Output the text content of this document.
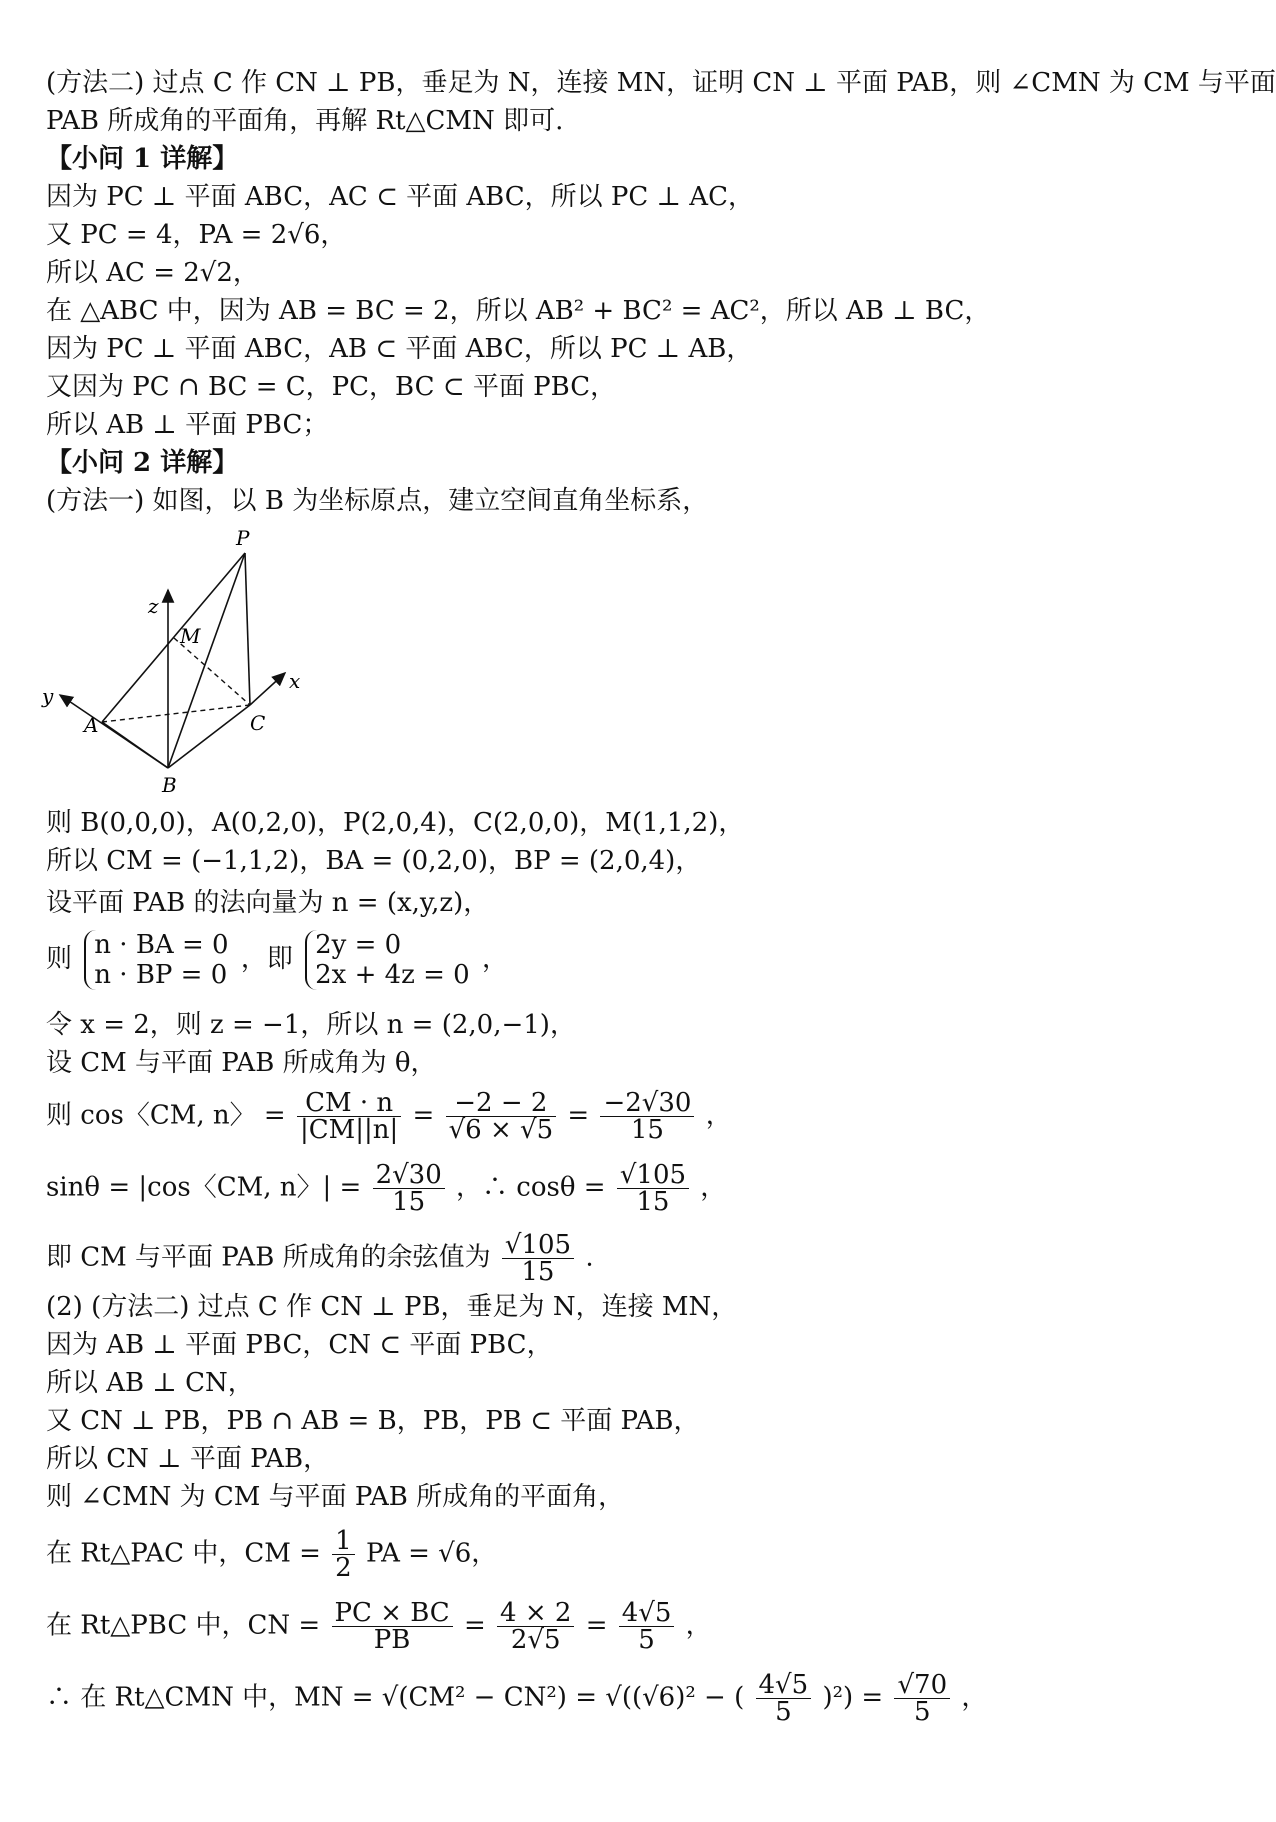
(方法二) 过点 C 作 CN ⊥ PB，垂足为 N，连接 MN，证明 CN ⊥ 平面 PAB，则 ∠CMN 为 CM 与平面
PAB 所成角的平面角，再解 Rt△CMN 即可.
【小问 1 详解】
因为 PC ⊥ 平面 ABC，AC ⊂ 平面 ABC，所以 PC ⊥ AC，
又 PC = 4，PA = 2√6，
所以 AC = 2√2，
在 △ABC 中，因为 AB = BC = 2，所以 AB² + BC² = AC²，所以 AB ⊥ BC，
因为 PC ⊥ 平面 ABC，AB ⊂ 平面 ABC，所以 PC ⊥ AB，
又因为 PC ∩ BC = C，PC，BC ⊂ 平面 PBC，
所以 AB ⊥ 平面 PBC；
【小问 2 详解】
(方法一) 如图，以 B 为坐标原点，建立空间直角坐标系，
P
z
M
x
y
A	C
B
则 B(0,0,0)，A(0,2,0)，P(2,0,4)，C(2,0,0)，M(1,1,2)，
所以 CM = (−1,1,2)，BA = (0,2,0)，BP = (2,0,4)，
设平面 PAB 的法向量为 n = (x,y,z)，
则 n · BA = 0
n · BP = 0
，即 2y = 0
2x + 4z = 0
，
令 x = 2，则 z = −1，所以 n = (2,0,−1)，
设 CM 与平面 PAB 所成角为 θ，
则 cos〈CM, n〉 = $\frac{CM \cdot n}{|CM||n|} = \frac{-2 - 2}{√6 \times √5} = \frac{-2√30}{15}$ ，
sinθ = |cos〈CM, n〉| = $\frac{2√30}{15}$ ，∴ $\cos\theta = \frac{√105}{15}$ ，
即 CM 与平面 PAB 所成角的余弦值为 $\frac{√105}{15}$ .
(2) (方法二) 过点 C 作 CN ⊥ PB，垂足为 N，连接 MN，
因为 AB ⊥ 平面 PBC，CN ⊂ 平面 PBC，
所以 AB ⊥ CN，
又 CN ⊥ PB，PB ∩ AB = B，PB，PB ⊂ 平面 PAB，
所以 CN ⊥ 平面 PAB，
则 ∠CMN 为 CM 与平面 PAB 所成角的平面角，
在 Rt△PAC 中，CM = $\frac{1}{2}$ PA = √6，
在 Rt△PBC 中，CN = $\frac{PC \times BC}{PB} = \frac{4 \times 2}{2√5} = \frac{4√5}{5}$ ，
∴ 在 Rt△CMN 中，MN = √(CM² − CN²) = √((√6)² − ( $\frac{4√5}{5} )^2) = \frac{√70}{5}$ ，
